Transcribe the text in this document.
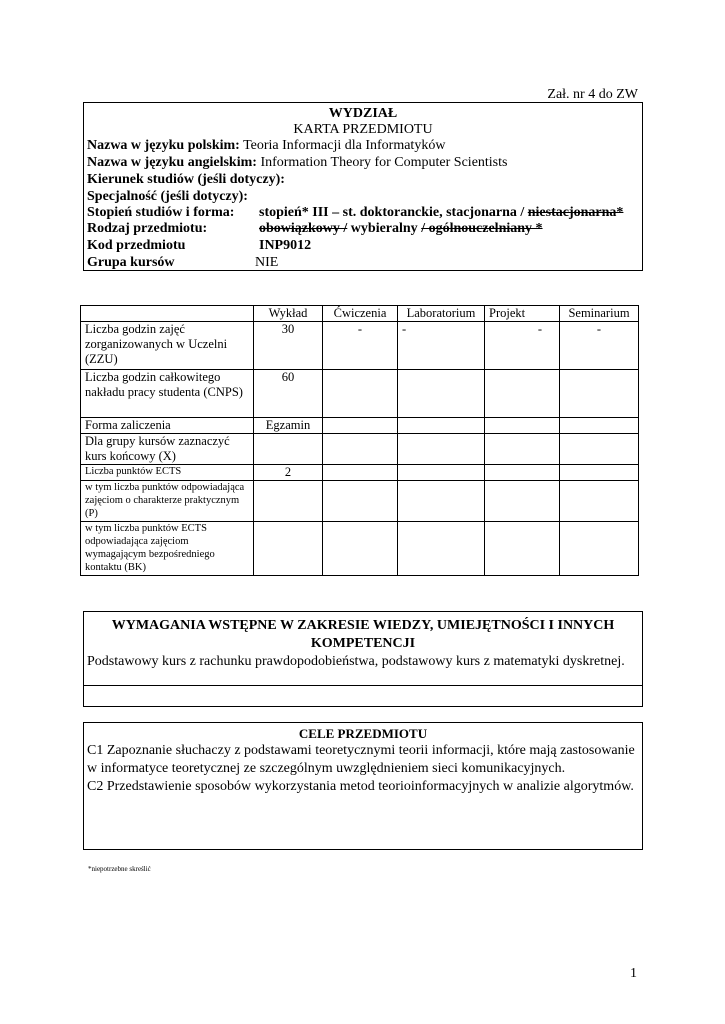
Zał. nr 4 do ZW
WYDZIAŁ
KARTA PRZEDMIOTU
Nazwa w języku polskim: Teoria Informacji dla Informatyków
Nazwa w języku angielskim: Information Theory for Computer Scientists
Kierunek studiów (jeśli dotyczy):
Specjalność (jeśli dotyczy):
Stopień studiów i forma: stopień* III – st. doktoranckie, stacjonarna / niestacjonarna*
Rodzaj przedmiotu:	obowiązkowy / wybieralny / ogólnouczelniany *
Kod przedmiotu	INP9012
Grupa kursów	NIE
	Wykład	Ćwiczenia	Laboratorium	Projekt	Seminarium
Liczba godzin zajęć zorganizowanych w Uczelni (ZZU)	30	-	-	-	-
Liczba godzin całkowitego nakładu pracy studenta (CNPS)	60				
Forma zaliczenia	Egzamin				
Dla grupy kursów zaznaczyć kurs końcowy (X)					
Liczba punktów ECTS	2				
w tym liczba punktów odpowiadająca zajęciom o charakterze praktycznym (P)					
w tym liczba punktów ECTS odpowiadająca zajęciom wymagającym bezpośredniego kontaktu (BK)					
WYMAGANIA WSTĘPNE W ZAKRESIE WIEDZY, UMIEJĘTNOŚCI I INNYCH KOMPETENCJI
Podstawowy kurs z rachunku prawdopodobieństwa, podstawowy kurs z matematyki dyskretnej.
CELE PRZEDMIOTU
C1 Zapoznanie słuchaczy z podstawami teoretycznymi teorii informacji, które mają zastosowanie w informatyce teoretycznej ze szczególnym uwzględnieniem sieci komunikacyjnych.
C2 Przedstawienie sposobów wykorzystania metod teorioinformacyjnych w analizie algorytmów.
*niepotrzebne skreślić
1
